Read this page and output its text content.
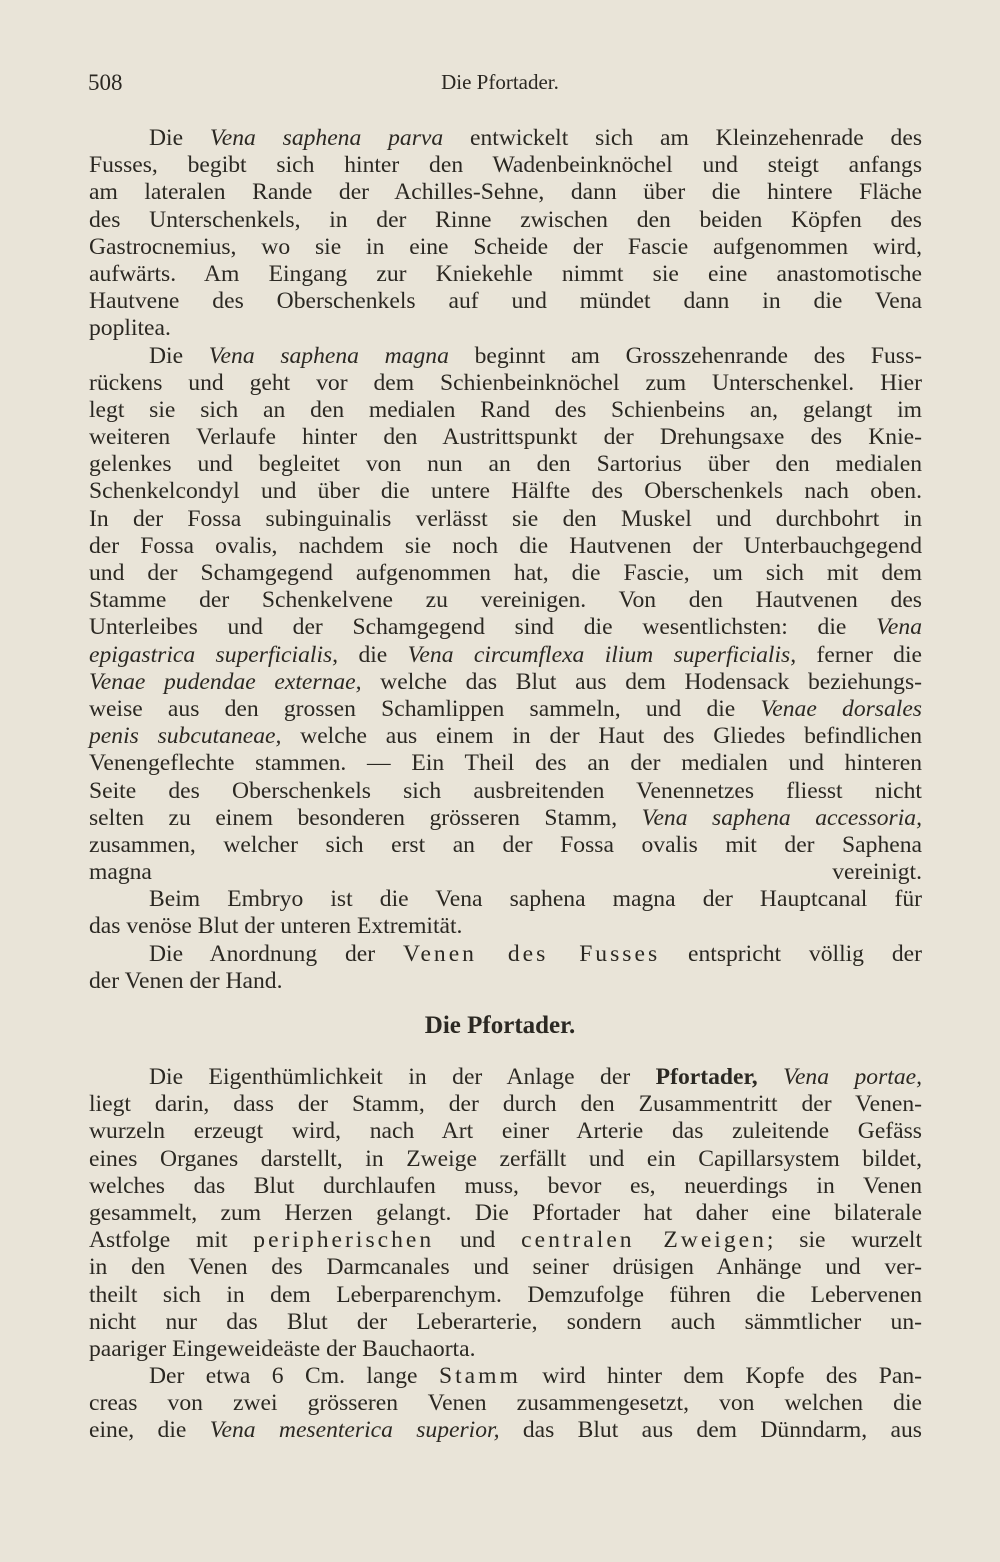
508	Die Pfortader.
Die Vena saphena parva entwickelt sich am Kleinzehenrade des
Fusses, begibt sich hinter den Wadenbeinknöchel und steigt anfangs
am lateralen Rande der Achilles-Sehne, dann über die hintere Fläche
des Unterschenkels, in der Rinne zwischen den beiden Köpfen des
Gastrocnemius, wo sie in eine Scheide der Fascie aufgenommen wird,
aufwärts. Am Eingang zur Kniekehle nimmt sie eine anastomotische
Hautvene des Oberschenkels auf und mündet dann in die Vena
poplitea.
Die Vena saphena magna beginnt am Grosszehenrande des Fuss-
rückens und geht vor dem Schienbeinknöchel zum Unterschenkel. Hier
legt sie sich an den medialen Rand des Schienbeins an, gelangt im
weiteren Verlaufe hinter den Austrittspunkt der Drehungsaxe des Knie-
gelenkes und begleitet von nun an den Sartorius über den medialen
Schenkelcondyl und über die untere Hälfte des Oberschenkels nach oben.
In der Fossa subinguinalis verlässt sie den Muskel und durchbohrt in
der Fossa ovalis, nachdem sie noch die Hautvenen der Unterbauchgegend
und der Schamgegend aufgenommen hat, die Fascie, um sich mit dem
Stamme der Schenkelvene zu vereinigen. Von den Hautvenen des
Unterleibes und der Schamgegend sind die wesentlichsten: die Vena
epigastrica superficialis, die Vena circumflexa ilium superficialis, ferner die
Venae pudendae externae, welche das Blut aus dem Hodensack beziehungs-
weise aus den grossen Schamlippen sammeln, und die Venae dorsales
penis subcutaneae, welche aus einem in der Haut des Gliedes befindlichen
Venengeflechte stammen. — Ein Theil des an der medialen und hinteren
Seite des Oberschenkels sich ausbreitenden Venennetzes fliesst nicht
selten zu einem besonderen grösseren Stamm, Vena saphena accessoria,
zusammen, welcher sich erst an der Fossa ovalis mit der Saphena
magna vereinigt.
Beim Embryo ist die Vena saphena magna der Hauptcanal für
das venöse Blut der unteren Extremität.
Die Anordnung der Venen des Fusses entspricht völlig der
der Venen der Hand.
Die Pfortader.
Die Eigenthümlichkeit in der Anlage der Pfortader, Vena portae,
liegt darin, dass der Stamm, der durch den Zusammentritt der Venen-
wurzeln erzeugt wird, nach Art einer Arterie das zuleitende Gefäss
eines Organes darstellt, in Zweige zerfällt und ein Capillarsystem bildet,
welches das Blut durchlaufen muss, bevor es, neuerdings in Venen
gesammelt, zum Herzen gelangt. Die Pfortader hat daher eine bilaterale
Astfolge mit peripherischen und centralen Zweigen; sie wurzelt
in den Venen des Darmcanales und seiner drüsigen Anhänge und ver-
theilt sich in dem Leberparenchym. Demzufolge führen die Lebervenen
nicht nur das Blut der Leberarterie, sondern auch sämmtlicher un-
paariger Eingeweideäste der Bauchaorta.
Der etwa 6 Cm. lange Stamm wird hinter dem Kopfe des Pan-
creas von zwei grösseren Venen zusammengesetzt, von welchen die
eine, die Vena mesenterica superior, das Blut aus dem Dünndarm, aus
